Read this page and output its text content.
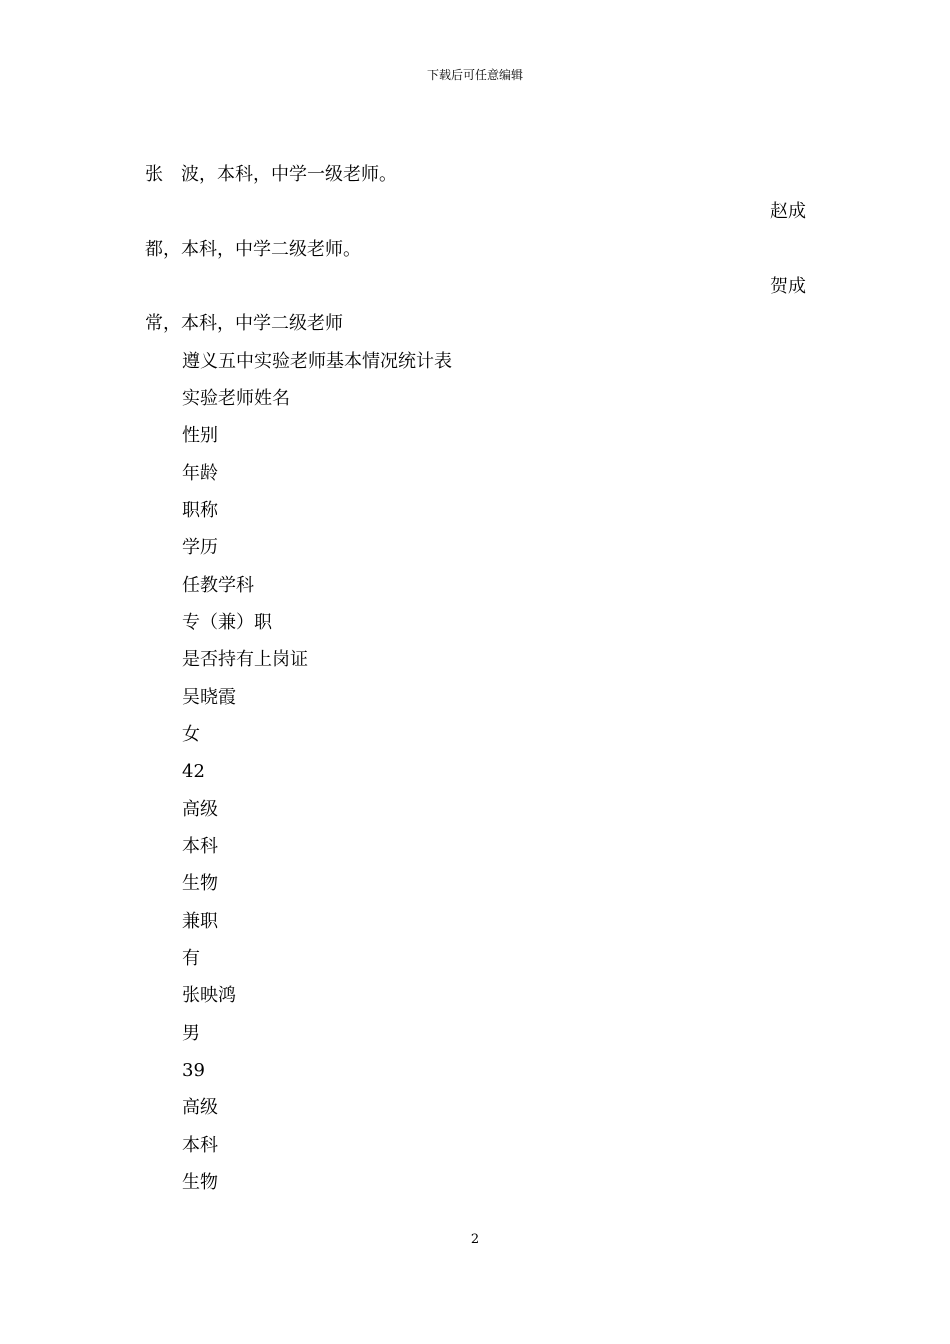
下载后可任意编辑
张　波，本科，中学一级老师。
赵成
都，本科，中学二级老师。
贺成
常，本科，中学二级老师
遵义五中实验老师基本情况统计表
实验老师姓名
性别
年龄
职称
学历
任教学科
专（兼）职
是否持有上岗证
吴晓霞
女
42
高级
本科
生物
兼职
有
张映鸿
男
39
高级
本科
生物
2
